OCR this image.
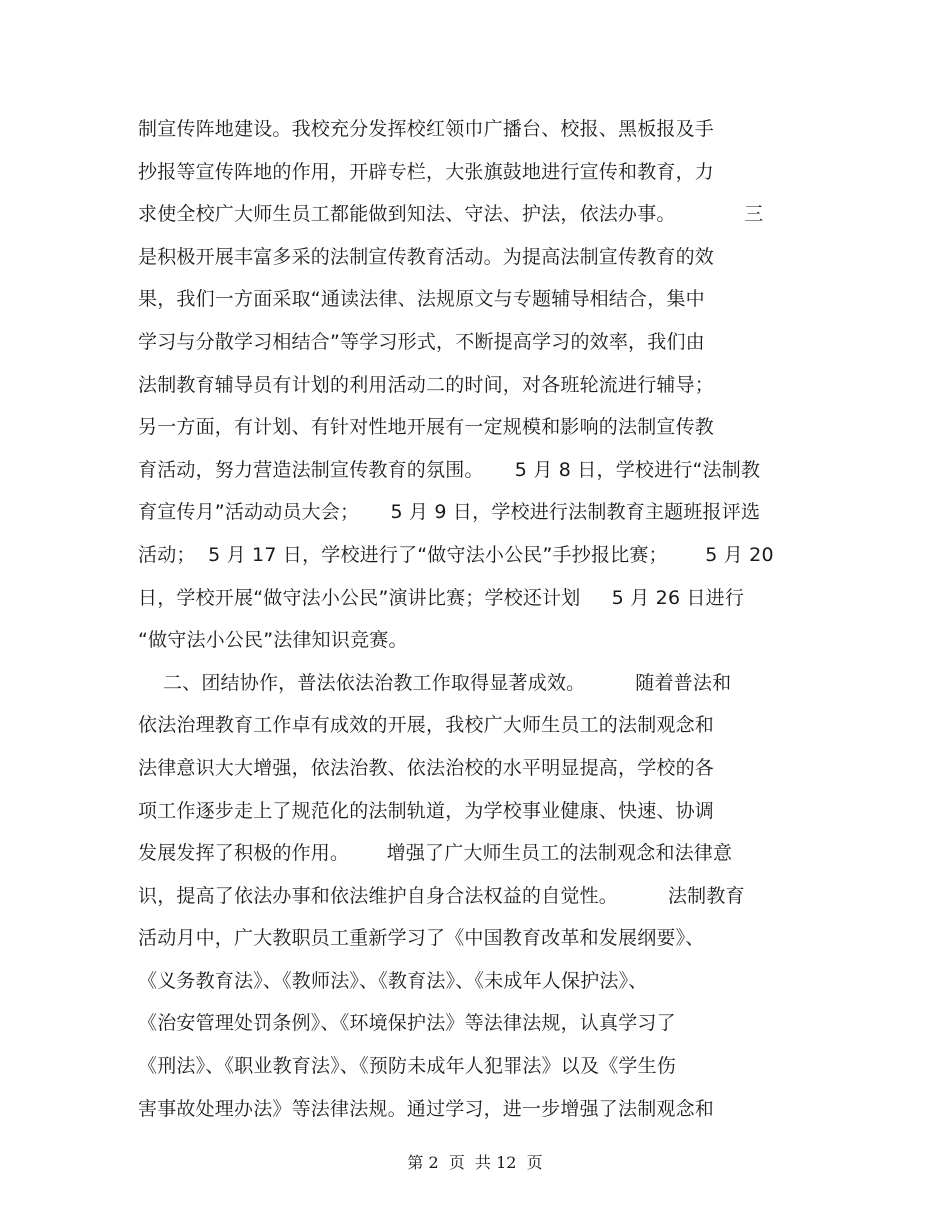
制宣传阵地建设。我校充分发挥校红领巾广播台、校报、黑板报及手
抄报等宣传阵地的作用，开辟专栏，大张旗鼓地进行宣传和教育，力
求使全校广大师生员工都能做到知法、守法、护法，依法办事。           三
是积极开展丰富多采的法制宣传教育活动。为提高法制宣传教育的效
果，我们一方面采取“通读法律、法规原文与专题辅导相结合，集中
学习与分散学习相结合”等学习形式，不断提高学习的效率，我们由
法制教育辅导员有计划的利用活动二的时间，对各班轮流进行辅导；
另一方面，有计划、有针对性地开展有一定规模和影响的法制宣传教
育活动，努力营造法制宣传教育的氛围。     5 月 8 日，学校进行“法制教
育宣传月”活动动员大会；     5 月 9 日，学校进行法制教育主题班报评选
活动；  5 月 17 日，学校进行了“做守法小公民”手抄报比赛；      5 月 20
日，学校开展“做守法小公民”演讲比赛；学校还计划     5 月 26 日进行
“做守法小公民”法律知识竞赛。
二、团结协作，普法依法治教工作取得显著成效。        随着普法和
依法治理教育工作卓有成效的开展，我校广大师生员工的法制观念和
法律意识大大增强，依法治教、依法治校的水平明显提高，学校的各
项工作逐步走上了规范化的法制轨道，为学校事业健康、快速、协调
发展发挥了积极的作用。      增强了广大师生员工的法制观念和法律意
识，提高了依法办事和依法维护自身合法权益的自觉性。        法制教育
活动月中，广大教职员工重新学习了《中国教育改革和发展纲要》、
《义务教育法》、《教师法》、《教育法》、《未成年人保护法》、
《治安管理处罚条例》、《环境保护法》等法律法规，认真学习了
《刑法》、《职业教育法》、《预防未成年人犯罪法》以及《学生伤
害事故处理办法》等法律法规。通过学习，进一步增强了法制观念和
第 2  页  共 12  页
